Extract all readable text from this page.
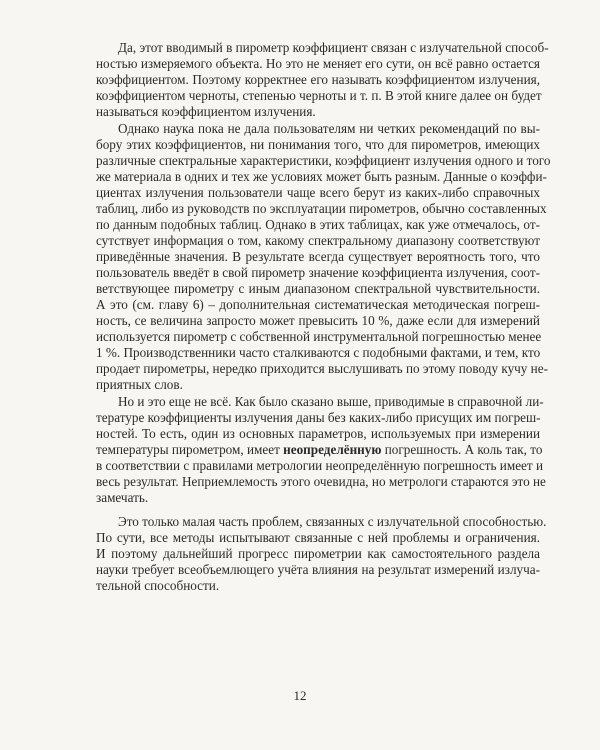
Да, этот вводимый в пирометр коэффициент связан с излучательной способ-
ностью измеряемого объекта. Но это не меняет его сути, он всё равно остается
коэффициентом. Поэтому корректнее его называть коэффициентом излучения,
коэффициентом черноты, степенью черноты и т. п. В этой книге далее он будет
называться коэффициентом излучения.
Однако наука пока не дала пользователям ни четких рекомендаций по вы-
бору этих коэффициентов, ни понимания того, что для пирометров, имеющих
различные спектральные характеристики, коэффициент излучения одного и того
же материала в одних и тех же условиях может быть разным. Данные о коэффи-
циентах излучения пользователи чаще всего берут из каких-либо справочных
таблиц, либо из руководств по эксплуатации пирометров, обычно составленных
по данным подобных таблиц. Однако в этих таблицах, как уже отмечалось, от-
сутствует информация о том, какому спектральному диапазону соответствуют
приведённые значения. В результате всегда существует вероятность того, что
пользователь введёт в свой пирометр значение коэффициента излучения, соот-
ветствующее пирометру с иным диапазоном спектральной чувствительности.
А это (см. главу 6) – дополнительная систематическая методическая погреш-
ность, се величина запросто может превысить 10 %, даже если для измерений
используется пирометр с собственной инструментальной погрешностью менее
1 %. Производственники часто сталкиваются с подобными фактами, и тем, кто
продает пирометры, нередко приходится выслушивать по этому поводу кучу не-
приятных слов.
Но и это еще не всё. Как было сказано выше, приводимые в справочной ли-
тературе коэффициенты излучения даны без каких-либо присущих им погреш-
ностей. То есть, один из основных параметров, используемых при измерении
температуры пирометром, имеет неопределённую погрешность. А коль так, то
в соответствии с правилами метрологии неопределённую погрешность имеет и
весь результат. Неприемлемость этого очевидна, но метрологи стараются это не
замечать.
Это только малая часть проблем, связанных с излучательной способностью.
По сути, все методы испытывают связанные с ней проблемы и ограничения.
И поэтому дальнейший прогресс пирометрии как самостоятельного раздела
науки требует всеобъемлющего учёта влияния на результат измерений излуча-
тельной способности.
12
